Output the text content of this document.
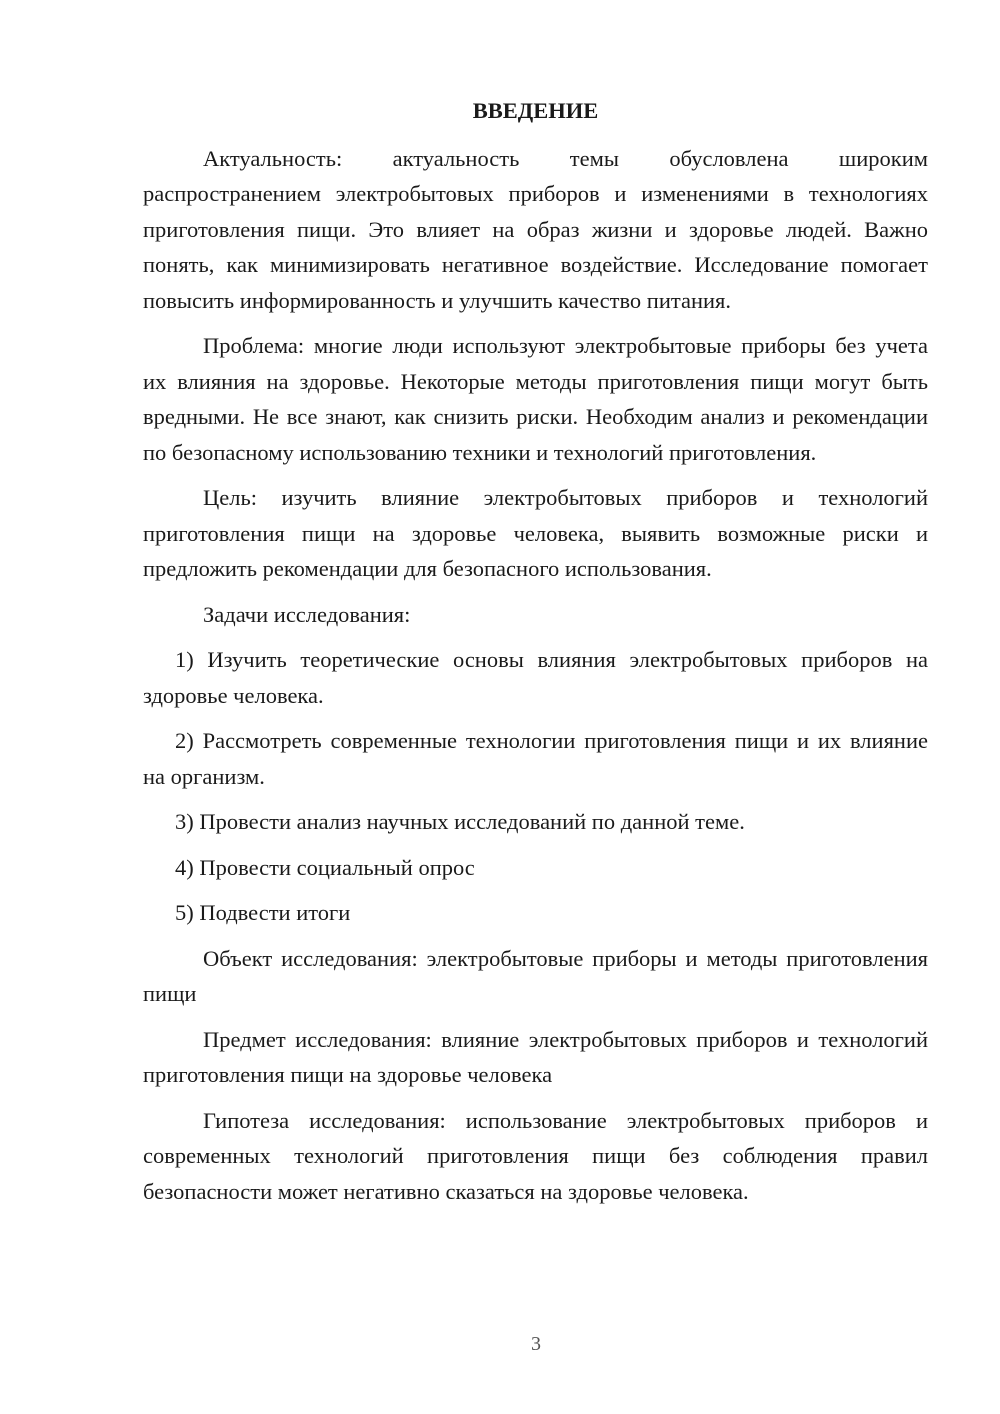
ВВЕДЕНИЕ

Актуальность: актуальность темы обусловлена широким распространением электробытовых приборов и изменениями в технологиях приготовления пищи. Это влияет на образ жизни и здоровье людей. Важно понять, как минимизировать негативное воздействие. Исследование помогает повысить информированность и улучшить качество питания.

Проблема: многие люди используют электробытовые приборы без учета их влияния на здоровье. Некоторые методы приготовления пищи могут быть вредными. Не все знают, как снизить риски. Необходим анализ и рекомендации по безопасному использованию техники и технологий приготовления.

Цель: изучить влияние электробытовых приборов и технологий приготовления пищи на здоровье человека, выявить возможные риски и предложить рекомендации для безопасного использования.

Задачи исследования:

1) Изучить теоретические основы влияния электробытовых приборов на здоровье человека.

2) Рассмотреть современные технологии приготовления пищи и их влияние на организм.

3) Провести анализ научных исследований по данной теме.

4) Провести социальный опрос

5) Подвести итоги

Объект исследования: электробытовые приборы и методы приготовления пищи

Предмет исследования: влияние электробытовых приборов и технологий приготовления пищи на здоровье человека

Гипотеза исследования: использование электробытовых приборов и современных технологий приготовления пищи без соблюдения правил безопасности может негативно сказаться на здоровье человека.

3
